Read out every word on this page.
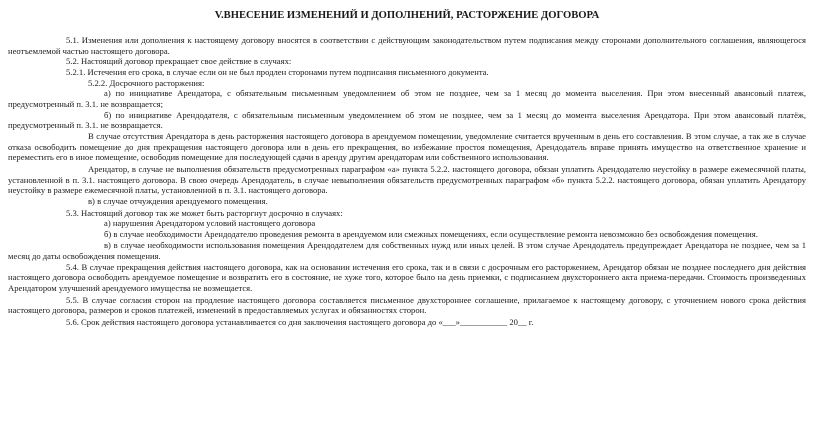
V.ВНЕСЕНИЕ ИЗМЕНЕНИЙ И ДОПОЛНЕНИЙ, РАСТОРЖЕНИЕ ДОГОВОРА

5.1. Изменения или дополнения к настоящему договору вносятся в соответствии с действующим законодательством путем подписания между сторонами дополнительного соглашения, являющегося неотъемлемой частью настоящего договора.

5.2. Настоящий договор прекращает свое действие в случаях:

5.2.1. Истечения его срока, в случае если он не был продлен сторонами путем подписания письменного документа.

5.2.2. Досрочного расторжения:

а) по инициативе Арендатора, с обязательным письменным уведомлением об этом не позднее, чем за 1 месяц до момента выселения. При этом внесенный авансовый платеж, предусмотренный п. 3.1. не возвращается;

б) по инициативе Арендодателя, с обязательным письменным уведомлением об этом не позднее, чем за 1 месяц до момента выселения Арендатора. При этом авансовый платёж, предусмотренный п. 3.1. не возвращается.

В случае отсутствия Арендатора в день расторжения настоящего договора в арендуемом помещении, уведомление считается врученным в день его составления. В этом случае, а так же в случае отказа освободить помещение до дня прекращения настоящего договора или в день его прекращения, во избежание простоя помещения, Арендодатель вправе принять имущество на ответственное хранение и переместить его в иное помещение, освободив помещение для последующей сдачи в аренду другим арендаторам или собственного использования.

Арендатор, в случае не выполнения обязательств предусмотренных параграфом «а» пункта 5.2.2. настоящего договора, обязан уплатить Арендодателю неустойку в размере ежемесячной платы, установленной в п. 3.1. настоящего договора. В свою очередь Арендодатель, в случае невыполнения обязательств предусмотренных параграфом «б» пункта 5.2.2. настоящего договора, обязан уплатить Арендатору неустойку в размере ежемесячной платы, установленной в п. 3.1. настоящего договора.

в) в случае отчуждения арендуемого помещения.

5.3. Настоящий договор так же может быть расторгнут досрочно в случаях:

а) нарушения Арендатором условий настоящего договора

б) в случае необходимости Арендодателю проведения ремонта в арендуемом или смежных помещениях, если осуществление ремонта невозможно без освобождения помещения.

в) в случае необходимости использования помещения Арендодателем для собственных нужд или иных целей. В этом случае Арендодатель предупреждает Арендатора не позднее, чем за 1 месяц до даты освобождения помещения.

5.4. В случае прекращения действия настоящего договора, как на основании истечения его срока, так и в связи с досрочным его расторжением, Арендатор обязан не позднее последнего дня действия настоящего договора освободить арендуемое помещение и возвратить его в состояние, не хуже того, которое было на день приемки, с подписанием двухстороннего акта приема-передачи. Стоимость произведенных Арендатором улучшений арендуемого имущества не возмещается.

5.5. В случае согласия сторон на продление настоящего договора составляется письменное двухстороннее соглашение, прилагаемое к настоящему договору, с уточнением нового срока действия настоящего договора, размеров и сроков платежей, изменений в предоставляемых услугах и обязанностях сторон.

5.6. Срок действия настоящего договора устанавливается со дня заключения настоящего договора до «___»___________ 20__ г.
